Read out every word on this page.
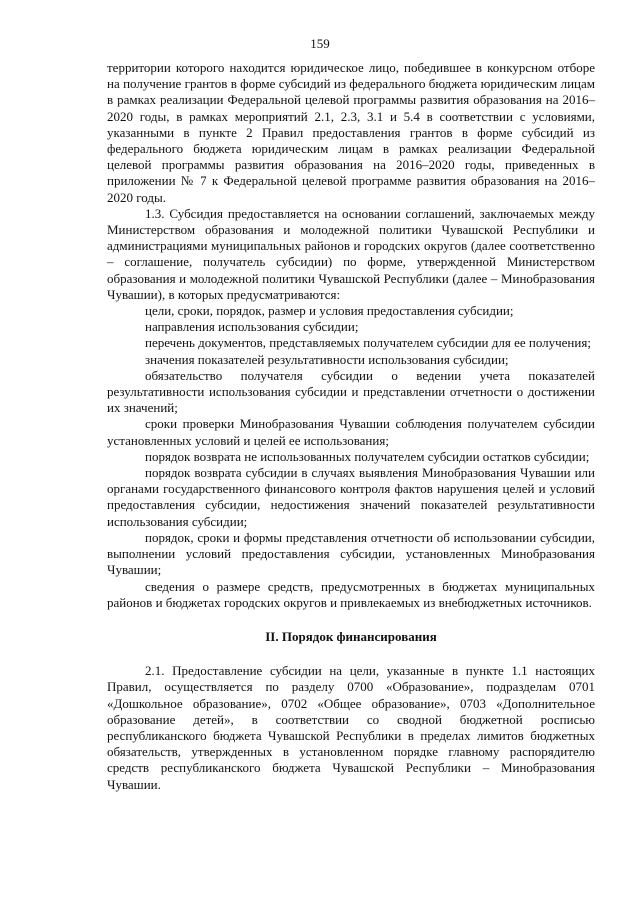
159

территории которого находится юридическое лицо, победившее в конкурсном отборе на получение грантов в форме субсидий из федерального бюджета юридическим лицам в рамках реализации Федеральной целевой программы развития образования на 2016–2020 годы, в рамках мероприятий 2.1, 2.3, 3.1 и 5.4 в соответствии с условиями, указанными в пункте 2 Правил предоставления грантов в форме субсидий из федерального бюджета юридическим лицам в рамках реализации Федеральной целевой программы развития образования на 2016–2020 годы, приведенных в приложении № 7 к Федеральной целевой программе развития образования на 2016–2020 годы.

1.3. Субсидия предоставляется на основании соглашений, заключаемых между Министерством образования и молодежной политики Чувашской Республики и администрациями муниципальных районов и городских округов (далее соответственно – соглашение, получатель субсидии) по форме, утвержденной Министерством образования и молодежной политики Чувашской Республики (далее – Минобразования Чувашии), в которых предусматриваются:

цели, сроки, порядок, размер и условия предоставления субсидии;

направления использования субсидии;

перечень документов, представляемых получателем субсидии для ее получения;

значения показателей результативности использования субсидии;

обязательство получателя субсидии о ведении учета показателей результативности использования субсидии и представлении отчетности о достижении их значений;

сроки проверки Минобразования Чувашии соблюдения получателем субсидии установленных условий и целей ее использования;

порядок возврата не использованных получателем субсидии остатков субсидии;

порядок возврата субсидии в случаях выявления Минобразования Чувашии или органами государственного финансового контроля фактов нарушения целей и условий предоставления субсидии, недостижения значений показателей результативности использования субсидии;

порядок, сроки и формы представления отчетности об использовании субсидии, выполнении условий предоставления субсидии, установленных Минобразования Чувашии;

сведения о размере средств, предусмотренных в бюджетах муниципальных районов и бюджетах городских округов и привлекаемых из внебюджетных источников.

II. Порядок финансирования

2.1. Предоставление субсидии на цели, указанные в пункте 1.1 настоящих Правил, осуществляется по разделу 0700 «Образование», подразделам 0701 «Дошкольное образование», 0702 «Общее образование», 0703 «Дополнительное образование детей», в соответствии со сводной бюджетной росписью республиканского бюджета Чувашской Республики в пределах лимитов бюджетных обязательств, утвержденных в установленном порядке главному распорядителю средств республиканского бюджета Чувашской Республики – Минобразования Чувашии.
